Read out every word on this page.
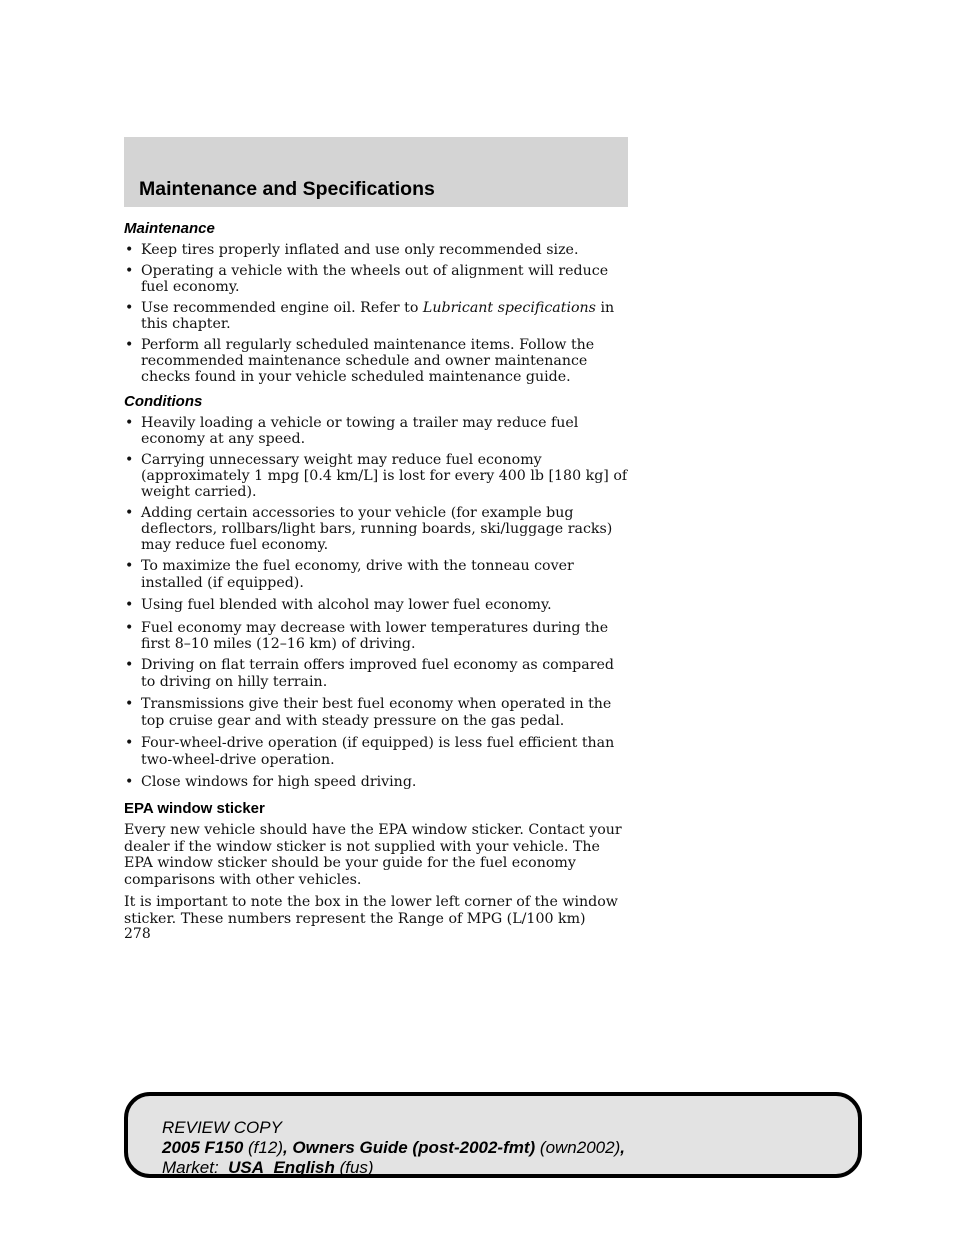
Maintenance and Specifications
Maintenance
• Keep tires properly inflated and use only recommended size.
• Operating a vehicle with the wheels out of alignment will reduce fuel economy.
• Use recommended engine oil. Refer to Lubricant specifications in this chapter.
• Perform all regularly scheduled maintenance items. Follow the recommended maintenance schedule and owner maintenance checks found in your vehicle scheduled maintenance guide.
Conditions
• Heavily loading a vehicle or towing a trailer may reduce fuel economy at any speed.
• Carrying unnecessary weight may reduce fuel economy (approximately 1 mpg [0.4 km/L] is lost for every 400 lb [180 kg] of weight carried).
• Adding certain accessories to your vehicle (for example bug deflectors, rollbars/light bars, running boards, ski/luggage racks) may reduce fuel economy.
• To maximize the fuel economy, drive with the tonneau cover installed (if equipped).
• Using fuel blended with alcohol may lower fuel economy.
• Fuel economy may decrease with lower temperatures during the first 8–10 miles (12–16 km) of driving.
• Driving on flat terrain offers improved fuel economy as compared to driving on hilly terrain.
• Transmissions give their best fuel economy when operated in the top cruise gear and with steady pressure on the gas pedal.
• Four-wheel-drive operation (if equipped) is less fuel efficient than two-wheel-drive operation.
• Close windows for high speed driving.
EPA window sticker

Every new vehicle should have the EPA window sticker. Contact your dealer if the window sticker is not supplied with your vehicle. The EPA window sticker should be your guide for the fuel economy comparisons with other vehicles.

It is important to note the box in the lower left corner of the window sticker. These numbers represent the Range of MPG (L/100 km)

278
REVIEW COPY
2005 F150 (f12), Owners Guide (post-2002-fmt) (own2002),
Market:  USA_English (fus)
